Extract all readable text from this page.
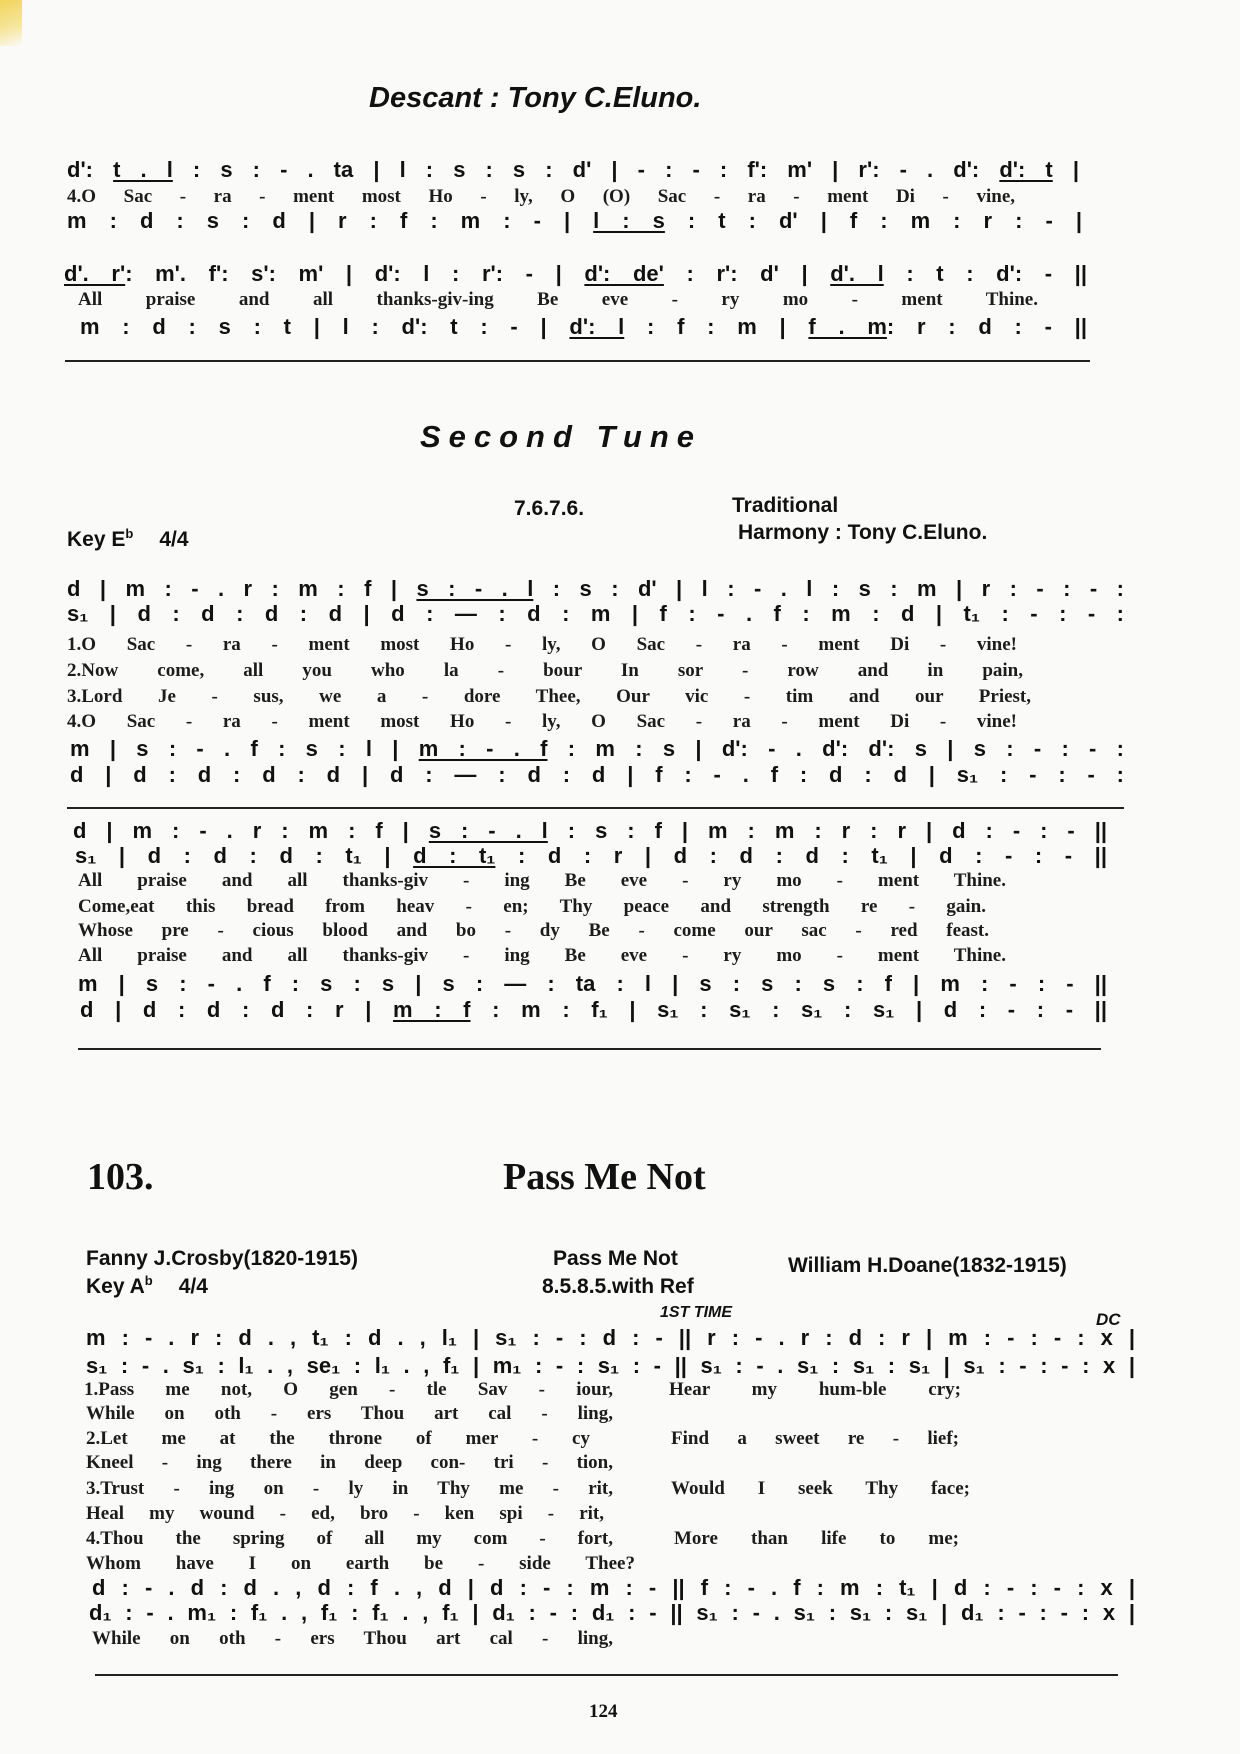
Descant : Tony C.Eluno.
d': t . l : s : - . ta | l : s : s : d' | - : - : f': m' | r': - . d': d': t |
4.O Sac - ra - ment most Ho - ly, O (O) Sac - ra - ment Di - vine,
m : d : s : d | r : f : m : - | l : s : t : d' | f : m : r : - |
d'. r': m'. f': s': m' | d': l : r': - | d': de' : r': d' | d'. l : t : d': - ||
All praise and all thanks-giv-ing Be eve - ry mo - ment Thine.
m : d : s : t | l : d': t : - | d': l : f : m | f . m: r : d : - ||
Second Tune
7.6.7.6.	Traditional
Harmony : Tony C.Eluno.
Key $E^b$ 4/4
d | m : - . r : m : f | s : - . l : s : d' | l : - . l : s : m | r : - : - :
s₁ | d : d : d : d | d : — : d : m | f : - . f : m : d | t₁ : - : - :
1.O Sac - ra - ment most Ho - ly, O Sac - ra - ment Di - vine!
2.Now come, all you who la - bour In sor - row and in pain,
3.Lord Je - sus, we a - dore Thee, Our vic - tim and our Priest,
4.O Sac - ra - ment most Ho - ly, O Sac - ra - ment Di - vine!
m | s : - . f : s : l | m : - . f : m : s | d': - . d': d': s | s : - : - :
d | d : d : d : d | d : — : d : d | f : - . f : d : d | s₁ : - : - :
d | m : - . r : m : f | s : - . l : s : f | m : m : r : r | d : - : - ||
s₁ | d : d : d : t₁ | d : t₁ : d : r | d : d : d : t₁ | d : - : - ||
All praise and all thanks-giv - ing Be eve - ry mo - ment Thine.
Come,eat this bread from heav - en; Thy peace and strength re - gain.
Whose pre - cious blood and bo - dy Be - come our sac - red feast.
All praise and all thanks-giv - ing Be eve - ry mo - ment Thine.
m | s : - . f : s : s | s : — : ta : l | s : s : s : f | m : - : - ||
d | d : d : d : r | m : f : m : f₁ | s₁ : s₁ : s₁ : s₁ | d : - : - ||
103.	Pass Me Not
Fanny J.Crosby(1820-1915)
Key $A^b$ 4/4
Pass Me Not
8.5.8.5.with Ref
William H.Doane(1832-1915)
1ST TIME	DC
m : - . r : d . , t₁ : d . , l₁ | s₁ : - : d : - || r : - . r : d : r | m : - : - : x |
s₁ : - . s₁ : l₁ . , se₁ : l₁ . , f₁ | m₁ : - : s₁ : - || s₁ : - . s₁ : s₁ : s₁ | s₁ : - : - : x |
1.Pass me not, O gen - tle Sav - iour,	Hear my hum-ble cry;
While on oth - ers Thou art cal - ling,
2.Let me at the throne of mer - cy	Find a sweet re - lief;
Kneel - ing there in deep con- tri - tion,
3.Trust - ing on - ly in Thy me - rit,	Would I seek Thy face;
Heal my wound - ed, bro - ken spi - rit,
4.Thou the spring of all my com - fort,	More than life to me;
Whom have I on earth be - side Thee?
d : - . d : d . , d : f . , d | d : - : m : - || f : - . f : m : t₁ | d : - : - : x |
d₁ : - . m₁ : f₁ . , f₁ : f₁ . , f₁ | d₁ : - : d₁ : - || s₁ : - . s₁ : s₁ : s₁ | d₁ : - : - : x |
While on oth - ers Thou art cal - ling,
124
